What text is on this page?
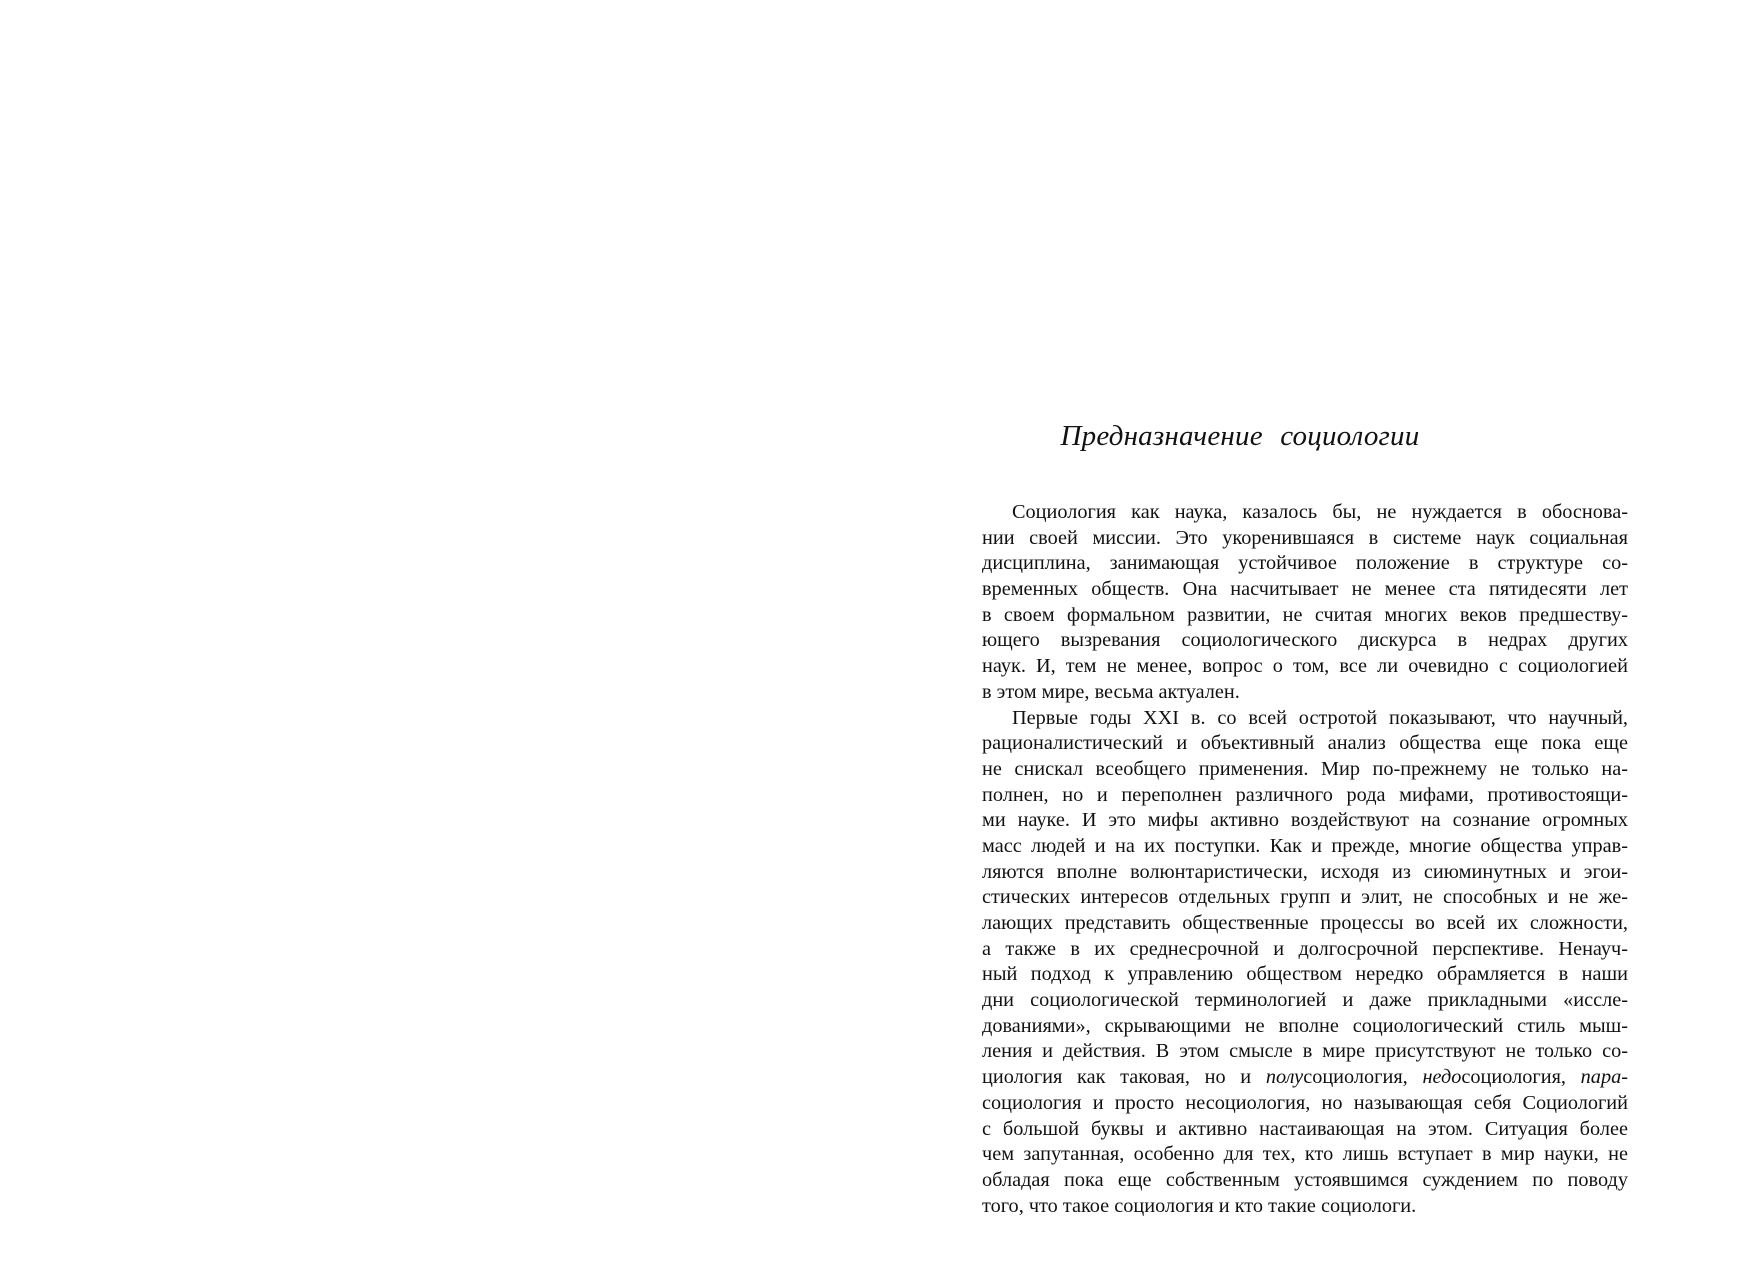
Предназначение социологии
Социология как наука, казалось бы, не нуждается в обоснова-
нии своей миссии. Это укоренившаяся в системе наук социальная
дисциплина, занимающая устойчивое положение в структуре со-
временных обществ. Она насчитывает не менее ста пятидесяти лет
в своем формальном развитии, не считая многих веков предшеству-
ющего вызревания социологического дискурса в недрах других
наук. И, тем не менее, вопрос о том, все ли очевидно с социологией
в этом мире, весьма актуален.
Первые годы XXI в. со всей остротой показывают, что научный,
рационалистический и объективный анализ общества еще пока еще
не снискал всеобщего применения. Мир по-прежнему не только на-
полнен, но и переполнен различного рода мифами, противостоящи-
ми науке. И это мифы активно воздействуют на сознание огромных
масс людей и на их поступки. Как и прежде, многие общества управ-
ляются вполне волюнтаристически, исходя из сиюминутных и эгои-
стических интересов отдельных групп и элит, не способных и не же-
лающих представить общественные процессы во всей их сложности,
а также в их среднесрочной и долгосрочной перспективе. Ненауч-
ный подход к управлению обществом нередко обрамляется в наши
дни социологической терминологией и даже прикладными «иссле-
дованиями», скрывающими не вполне социологический стиль мыш-
ления и действия. В этом смысле в мире присутствуют не только со-
циология как таковая, но и полусоциология, недосоциология, пара-
социология и просто несоциология, но называющая себя Социологий
с большой буквы и активно настаивающая на этом. Ситуация более
чем запутанная, особенно для тех, кто лишь вступает в мир науки, не
обладая пока еще собственным устоявшимся суждением по поводу
того, что такое социология и кто такие социологи.
